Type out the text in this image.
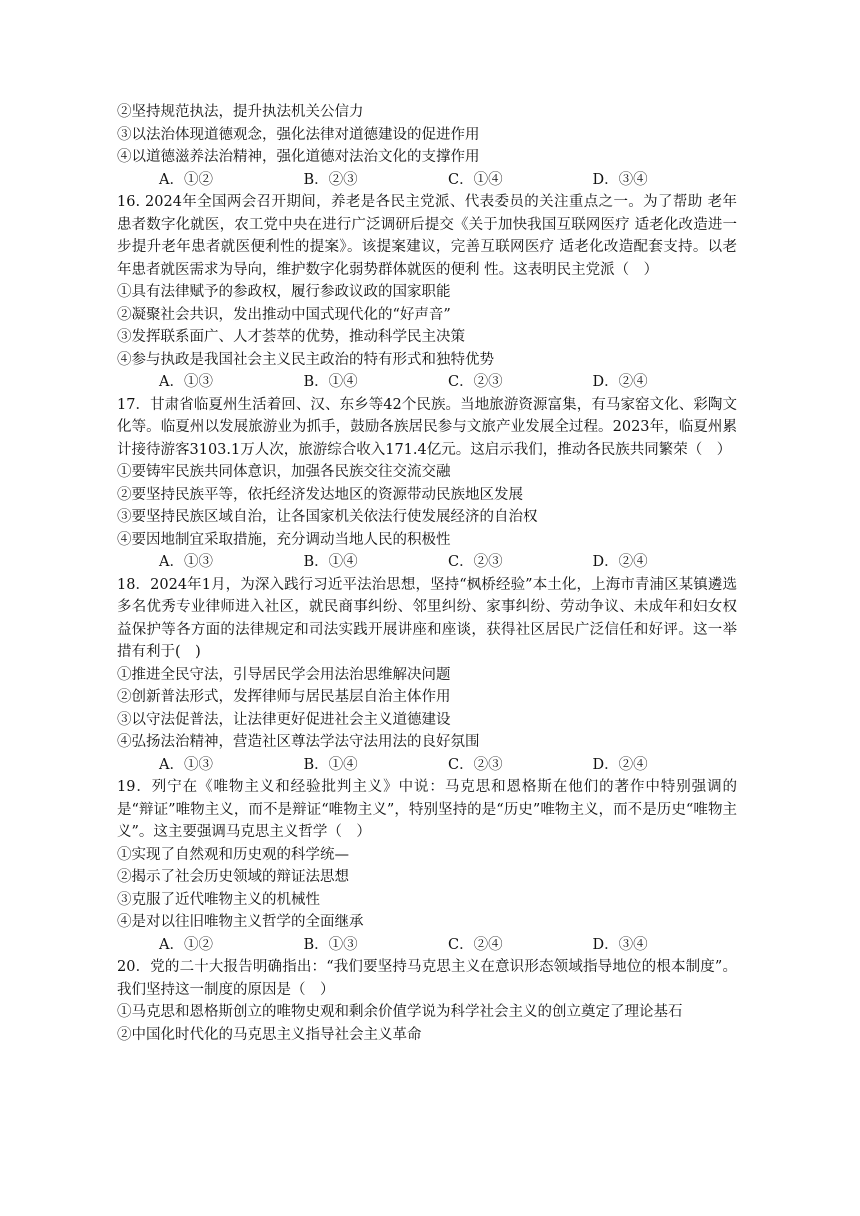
②坚持规范执法，提升执法机关公信力
③以法治体现道德观念，强化法律对道德建设的促进作用
④以道德滋养法治精神，强化道德对法治文化的支撑作用
A．①②	B．②③	C．①④	D．③④
16. 2024年全国两会召开期间，养老是各民主党派、代表委员的关注重点之一。为了帮助 老年患者数字化就医，农工党中央在进行广泛调研后提交《关于加快我国互联网医疗 适老化改造进一步提升老年患者就医便利性的提案》。该提案建议，完善互联网医疗 适老化改造配套支持。以老年患者就医需求为导向，维护数字化弱势群体就医的便利 性。这表明民主党派（　）
①具有法律赋予的参政权，履行参政议政的国家职能
②凝聚社会共识，发出推动中国式现代化的“好声音”
③发挥联系面广、人才荟萃的优势，推动科学民主决策
④参与执政是我国社会主义民主政治的特有形式和独特优势
A．①③	B．①④	C．②③	D．②④
17．甘肃省临夏州生活着回、汉、东乡等42个民族。当地旅游资源富集，有马家窑文化、彩陶文化等。临夏州以发展旅游业为抓手，鼓励各族居民参与文旅产业发展全过程。2023年，临夏州累计接待游客3103.1万人次，旅游综合收入171.4亿元。这启示我们，推动各民族共同繁荣（　）
①要铸牢民族共同体意识，加强各民族交往交流交融
②要坚持民族平等，依托经济发达地区的资源带动民族地区发展
③要坚持民族区域自治，让各国家机关依法行使发展经济的自治权
④要因地制宜采取措施，充分调动当地人民的积极性
A．①③	B．①④	C．②③	D．②④
18．2024年1月，为深入践行习近平法治思想，坚持“枫桥经验”本土化，上海市青浦区某镇遴选多名优秀专业律师进入社区，就民商事纠纷、邻里纠纷、家事纠纷、劳动争议、未成年和妇女权益保护等各方面的法律规定和司法实践开展讲座和座谈，获得社区居民广泛信任和好评。这一举措有利于(　)
①推进全民守法，引导居民学会用法治思维解决问题
②创新普法形式，发挥律师与居民基层自治主体作用
③以守法促普法，让法律更好促进社会主义道德建设
④弘扬法治精神，营造社区尊法学法守法用法的良好氛围
A．①③	B．①④	C．②③	D．②④
19．列宁在《唯物主义和经验批判主义》中说：马克思和恩格斯在他们的著作中特别强调的是“辩证”唯物主义，而不是辩证“唯物主义”，特别坚持的是“历史”唯物主义，而不是历史“唯物主义”。这主要强调马克思主义哲学（　）
①实现了自然观和历史观的科学统—
②揭示了社会历史领域的辩证法思想
③克服了近代唯物主义的机械性
④是对以往旧唯物主义哲学的全面继承
A．①②	B．①③	C．②④	D．③④
20．党的二十大报告明确指出：“我们要坚持马克思主义在意识形态领域指导地位的根本制度”。我们坚持这一制度的原因是（　）
①马克思和恩格斯创立的唯物史观和剩余价值学说为科学社会主义的创立奠定了理论基石
②中国化时代化的马克思主义指导社会主义革命
